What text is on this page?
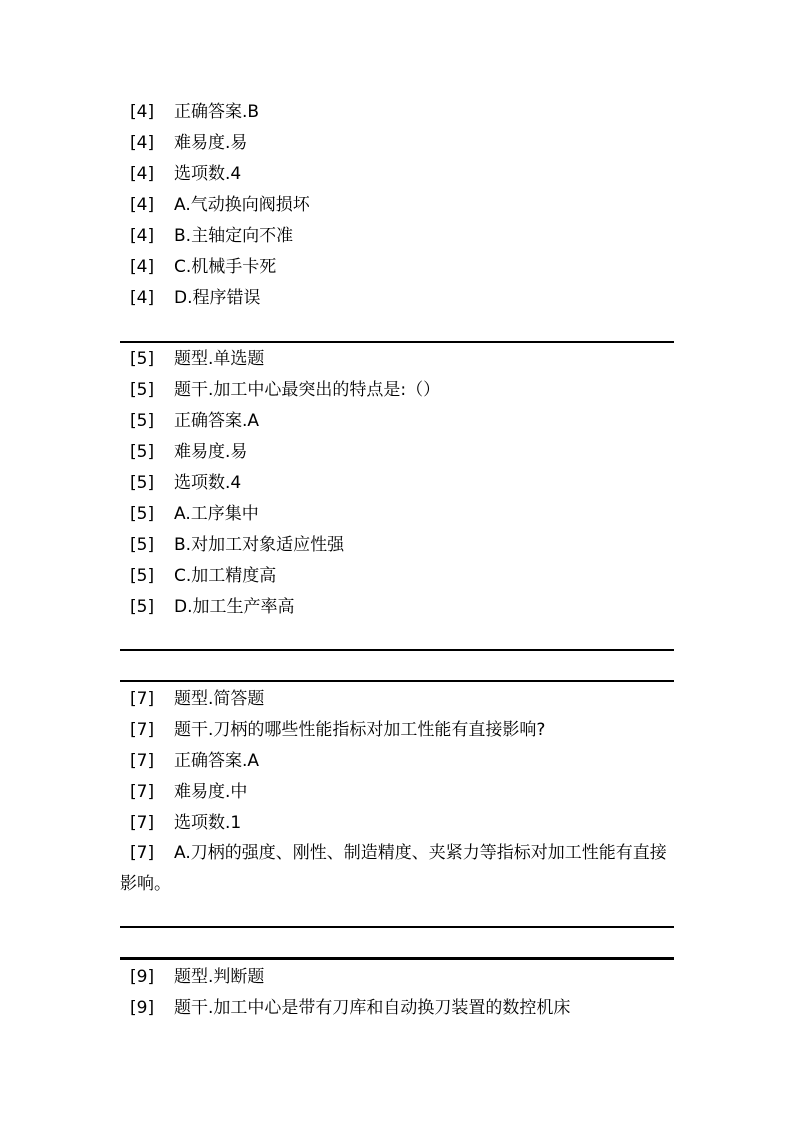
[4] 正确答案.B
[4] 难易度.易
[4] 选项数.4
[4] A.气动换向阀损坏
[4] B.主轴定向不准
[4] C.机械手卡死
[4] D.程序错误
[5] 题型.单选题
[5] 题干.加工中心最突出的特点是:（）
[5] 正确答案.A
[5] 难易度.易
[5] 选项数.4
[5] A.工序集中
[5] B.对加工对象适应性强
[5] C.加工精度高
[5] D.加工生产率高
[7] 题型.简答题
[7] 题干.刀柄的哪些性能指标对加工性能有直接影响?
[7] 正确答案.A
[7] 难易度.中
[7] 选项数.1
[7] A.刀柄的强度、刚性、制造精度、夹紧力等指标对加工性能有直接影响。
[9] 题型.判断题
[9] 题干.加工中心是带有刀库和自动换刀装置的数控机床
